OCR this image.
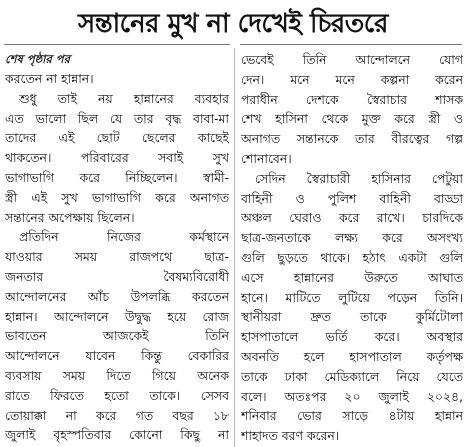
সন্তানের মুখ না দেখেই চিরতরে
শেষ পৃষ্ঠার পর
করতেন না হান্নান।
শুধু তাই নয় হান্নানের ব্যবহার
এত ভালো ছিল যে তার বৃদ্ধ বাবা-মা
তাদের এই ছোট ছেলের কাছেই
থাকতেন। পরিবারের সবাই সুখ
ভাগাভাগি করে নিচ্ছিলেন। স্বামী-
স্ত্রী এই সুখ ভাগাভাগি করে অনাগত
সন্তানের অপেক্ষায় ছিলেন।
প্রতিদিন নিজের কর্মস্থানে
যাওয়ার সময় রাজপথে ছাত্র-
জনতার বৈষম্যবিরোধী
আন্দোলনের আঁচ উপলব্ধি করতেন
হান্নান। আন্দোলনে উদ্বুদ্ধ হয়ে রোজ
ভাবতেন আজকেই তিনি
আন্দোলনে যাবেন কিন্তু বেকারির
ব্যবসায় সময় দিতে গিয়ে অনেক
রাতে ফিরতে হতো তাকে। সেসব
তোয়াক্কা না করে গত বছর ১৮
জুলাই বৃহস্পতিবার কোনো কিছু না
ভেবেই তিনি আন্দোলনে যোগ
দেন। মনে মনে কল্পনা করেন
পরাধীন দেশকে স্বৈরাচার শাসক
শেখ হাসিনা থেকে মুক্ত করে স্ত্রী ও
অনাগত সন্তানকে তার বীরত্বের গল্প
শোনাবেন।
সেদিন স্বৈরাচারী হাসিনার পেটুয়া
বাহিনী ও পুলিশ বাহিনী বাড্ডা
অঞ্চল ঘেরাও করে রাখে। চারদিকে
ছাত্র-জনতাকে লক্ষ্য করে অসংখ্য
গুলি ছুড়তে থাকে। হঠাৎ একটা গুলি
এসে হান্নানের উরুতে আঘাত
হানে। মাটিতে লুটিয়ে পড়েন তিনি।
স্থানীয়রা দ্রুত তাকে কুর্মিটোলা
হাসপাতালে ভর্তি করে। অবস্থার
অবনতি হলে হাসপাতাল কর্তৃপক্ষ
তাকে ঢাকা মেডিক্যালে নিয়ে যেতে
বলে। অতঃপর ২০ জুলাই ২০২৪,
শনিবার ভোর সাড়ে ৪টায় হান্নান
শাহাদত বরণ করেন।
